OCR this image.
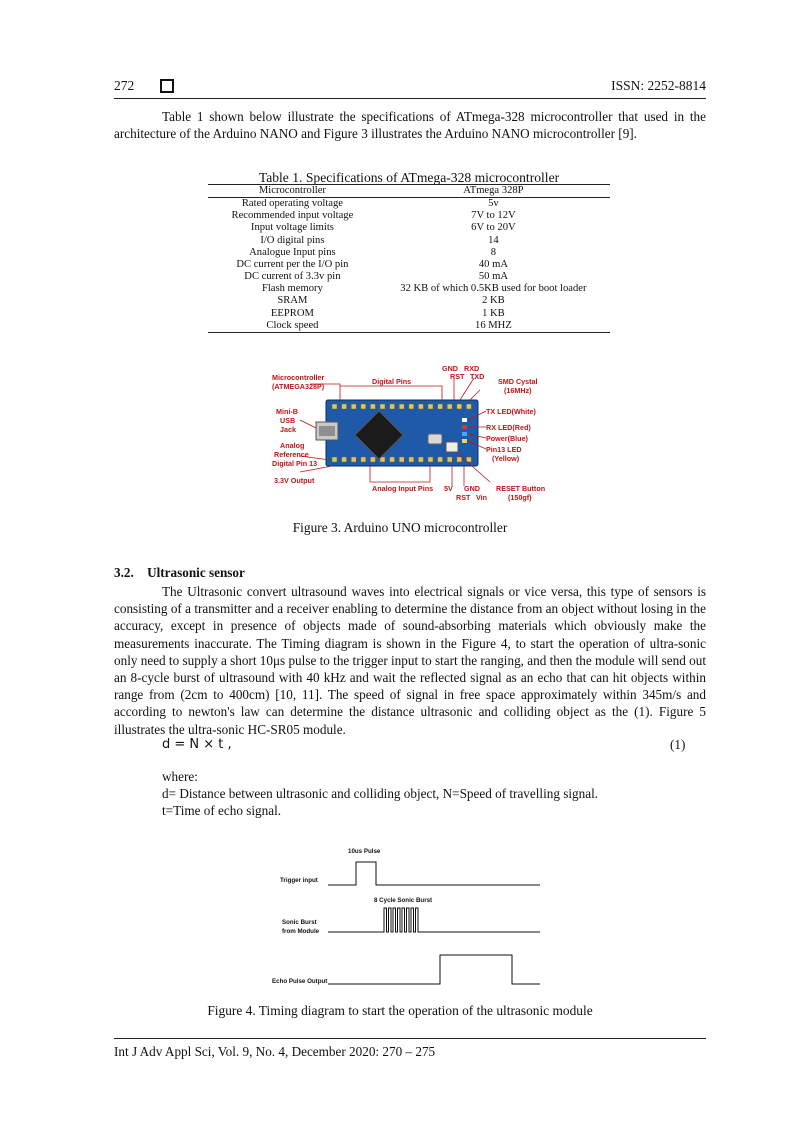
272	ISSN: 2252-8814

Table 1 shown below illustrate the specifications of ATmega-328 microcontroller that used in the architecture of the Arduino NANO and Figure 3 illustrates the Arduino NANO microcontroller [9].

Table 1. Specifications of ATmega-328 microcontroller
Microcontroller	ATmega 328P
Rated operating voltage	5v
Recommended input voltage	7V to 12V
Input voltage limits	6V to 20V
I/O digital pins	14
Analogue Input pins	8
DC current per the I/O pin	40 mA
DC current of 3.3v pin	50 mA
Flash memory	32 KB of which 0.5KB used for boot loader
SRAM	2 KB
EEPROM	1 KB
Clock speed	16 MHZ
Microcontroller
(ATMEGA328P)
Digital Pins
GND
RST
RXD
TXD
SMD Cystal
(16MHz)
TX LED(White)
RX LED(Red)
Power(Blue)
Pin13 LED
(Yellow)
Mini-B
USB
Jack
Analog
Reference
Digital Pin 13
3.3V Output
Analog Input Pins 5V
RST
GND
Vin
RESET Button
(150gf)
Figure 3. Arduino UNO microcontroller
3.2. Ultrasonic sensor

The Ultrasonic convert ultrasound waves into electrical signals or vice versa, this type of sensors is consisting of a transmitter and a receiver enabling to determine the distance from an object without losing in the accuracy, except in presence of objects made of sound-absorbing materials which obviously make the measurements inaccurate. The Timing diagram is shown in the Figure 4, to start the operation of ultra-sonic only need to supply a short 10μs pulse to the trigger input to start the ranging, and then the module will send out an 8-cycle burst of ultrasound with 40 kHz and wait the reflected signal as an echo that can hit objects within range from (2cm to 400cm) [10, 11]. The speed of signal in free space approximately within 345m/s and according to newton's law can determine the distance ultrasonic and colliding object as the (1). Figure 5 illustrates the ultra-sonic HC-SR05 module.

d = N × t ,	(1)
where:
d= Distance between ultrasonic and colliding object, N=Speed of travelling signal.
t=Time of echo signal.
10us Pulse
Trigger input
8 Cycle Sonic Burst
Sonic Burst
from Module
Echo Pulse Output
Figure 4. Timing diagram to start the operation of the ultrasonic module
Int J Adv Appl Sci, Vol. 9, No. 4, December 2020: 270 – 275
